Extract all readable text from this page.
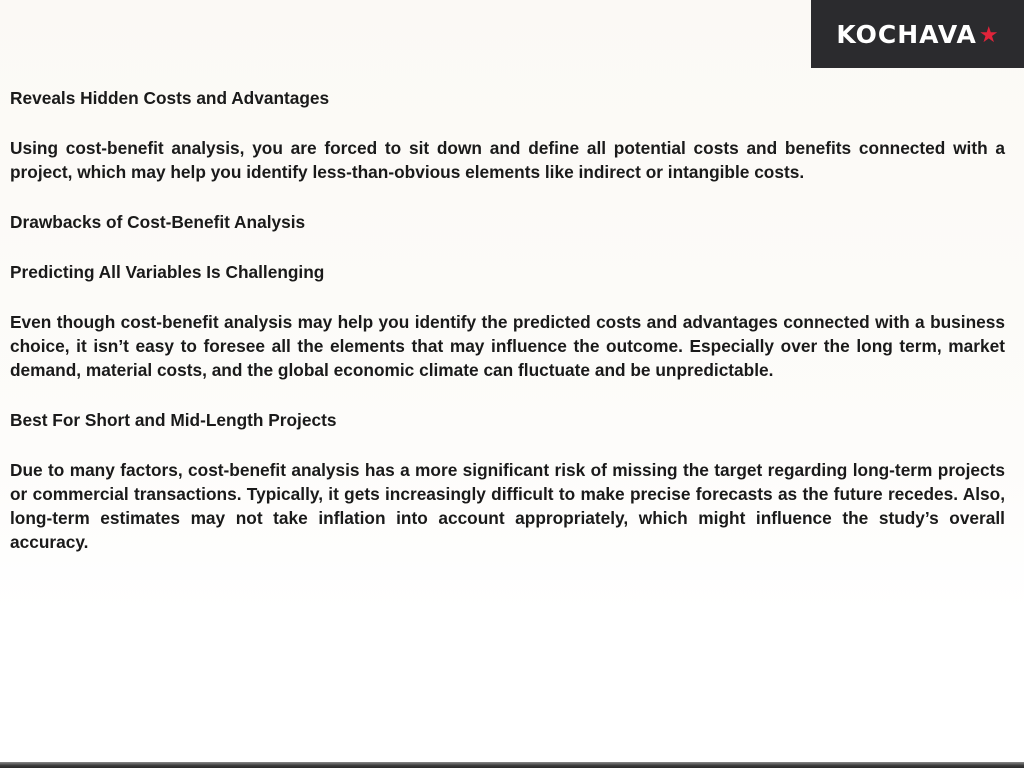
KOCHAVA ★

Reveals Hidden Costs and Advantages

Using cost-benefit analysis, you are forced to sit down and define all potential costs and benefits connected with a project, which may help you identify less-than-obvious elements like indirect or intangible costs.

Drawbacks of Cost-Benefit Analysis

Predicting All Variables Is Challenging

Even though cost-benefit analysis may help you identify the predicted costs and advantages connected with a business choice, it isn’t easy to foresee all the elements that may influence the outcome. Especially over the long term, market demand, material costs, and the global economic climate can fluctuate and be unpredictable.

Best For Short and Mid-Length Projects

Due to many factors, cost-benefit analysis has a more significant risk of missing the target regarding long-term projects or commercial transactions. Typically, it gets increasingly difficult to make precise forecasts as the future recedes. Also, long-term estimates may not take inflation into account appropriately, which might influence the study’s overall accuracy.
